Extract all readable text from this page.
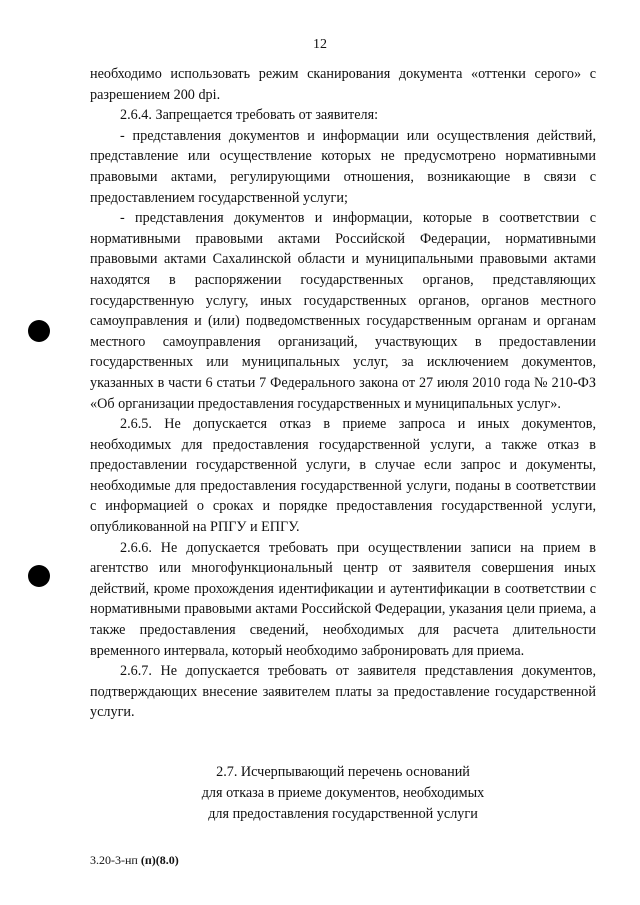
12

необходимо использовать режим сканирования документа «оттенки серого» с разрешением 200 dpi.

2.6.4. Запрещается требовать от заявителя:

- представления документов и информации или осуществления действий, представление или осуществление которых не предусмотрено нормативными правовыми актами, регулирующими отношения, возникающие в связи с предоставлением государственной услуги;

- представления документов и информации, которые в соответствии с нормативными правовыми актами Российской Федерации, нормативными правовыми актами Сахалинской области и муниципальными правовыми актами находятся в распоряжении государственных органов, представляющих государственную услугу, иных государственных органов, органов местного самоуправления и (или) подведомственных государственным органам и органам местного самоуправления организаций, участвующих в предоставлении государственных или муниципальных услуг, за исключением документов, указанных в части 6 статьи 7 Федерального закона от 27 июля 2010 года № 210-ФЗ «Об организации предоставления государственных и муниципальных услуг».

2.6.5. Не допускается отказ в приеме запроса и иных документов, необходимых для предоставления государственной услуги, а также отказ в предоставлении государственной услуги, в случае если запрос и документы, необходимые для предоставления государственной услуги, поданы в соответствии с информацией о сроках и порядке предоставления государственной услуги, опубликованной на РПГУ и ЕПГУ.

2.6.6. Не допускается требовать при осуществлении записи на прием в агентство или многофункциональный центр от заявителя совершения иных действий, кроме прохождения идентификации и аутентификации в соответствии с нормативными правовыми актами Российской Федерации, указания цели приема, а также предоставления сведений, необходимых для расчета длительности временного интервала, который необходимо забронировать для приема.

2.6.7. Не допускается требовать от заявителя представления документов, подтверждающих внесение заявителем платы за предоставление государственной услуги.

2.7. Исчерпывающий перечень оснований
для отказа в приеме документов, необходимых
для предоставления государственной услуги
3.20-3-нп (п)(8.0)
